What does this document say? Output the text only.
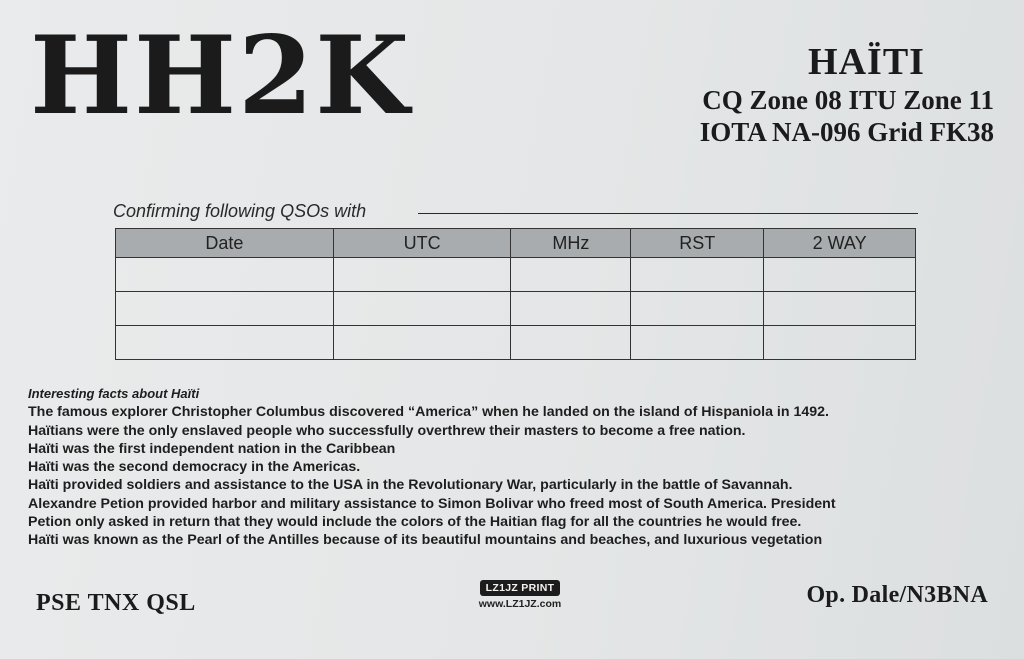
HH2K	HAÏTI
CQ Zone 08 ITU Zone 11
IOTA NA-096 Grid FK38
Confirming following QSOs with
Date	UTC	MHz	RST	2 WAY

Interesting facts about Haïti
The famous explorer Christopher Columbus discovered “America” when he landed on the island of Hispaniola in 1492.
Haïtians were the only enslaved people who successfully overthrew their masters to become a free nation.
Haïti was the first independent nation in the Caribbean
Haïti was the second democracy in the Americas.
Haïti provided soldiers and assistance to the USA in the Revolutionary War, particularly in the battle of Savannah.
Alexandre Petion provided harbor and military assistance to Simon Bolivar who freed most of South America. President
Petion only asked in return that they would include the colors of the Haitian flag for all the countries he would free.
Haïti was known as the Pearl of the Antilles because of its beautiful mountains and beaches, and luxurious vegetation
PSE TNX QSL
LZ1JZ PRINT
www.LZ1JZ.com	Op. Dale/N3BNA
